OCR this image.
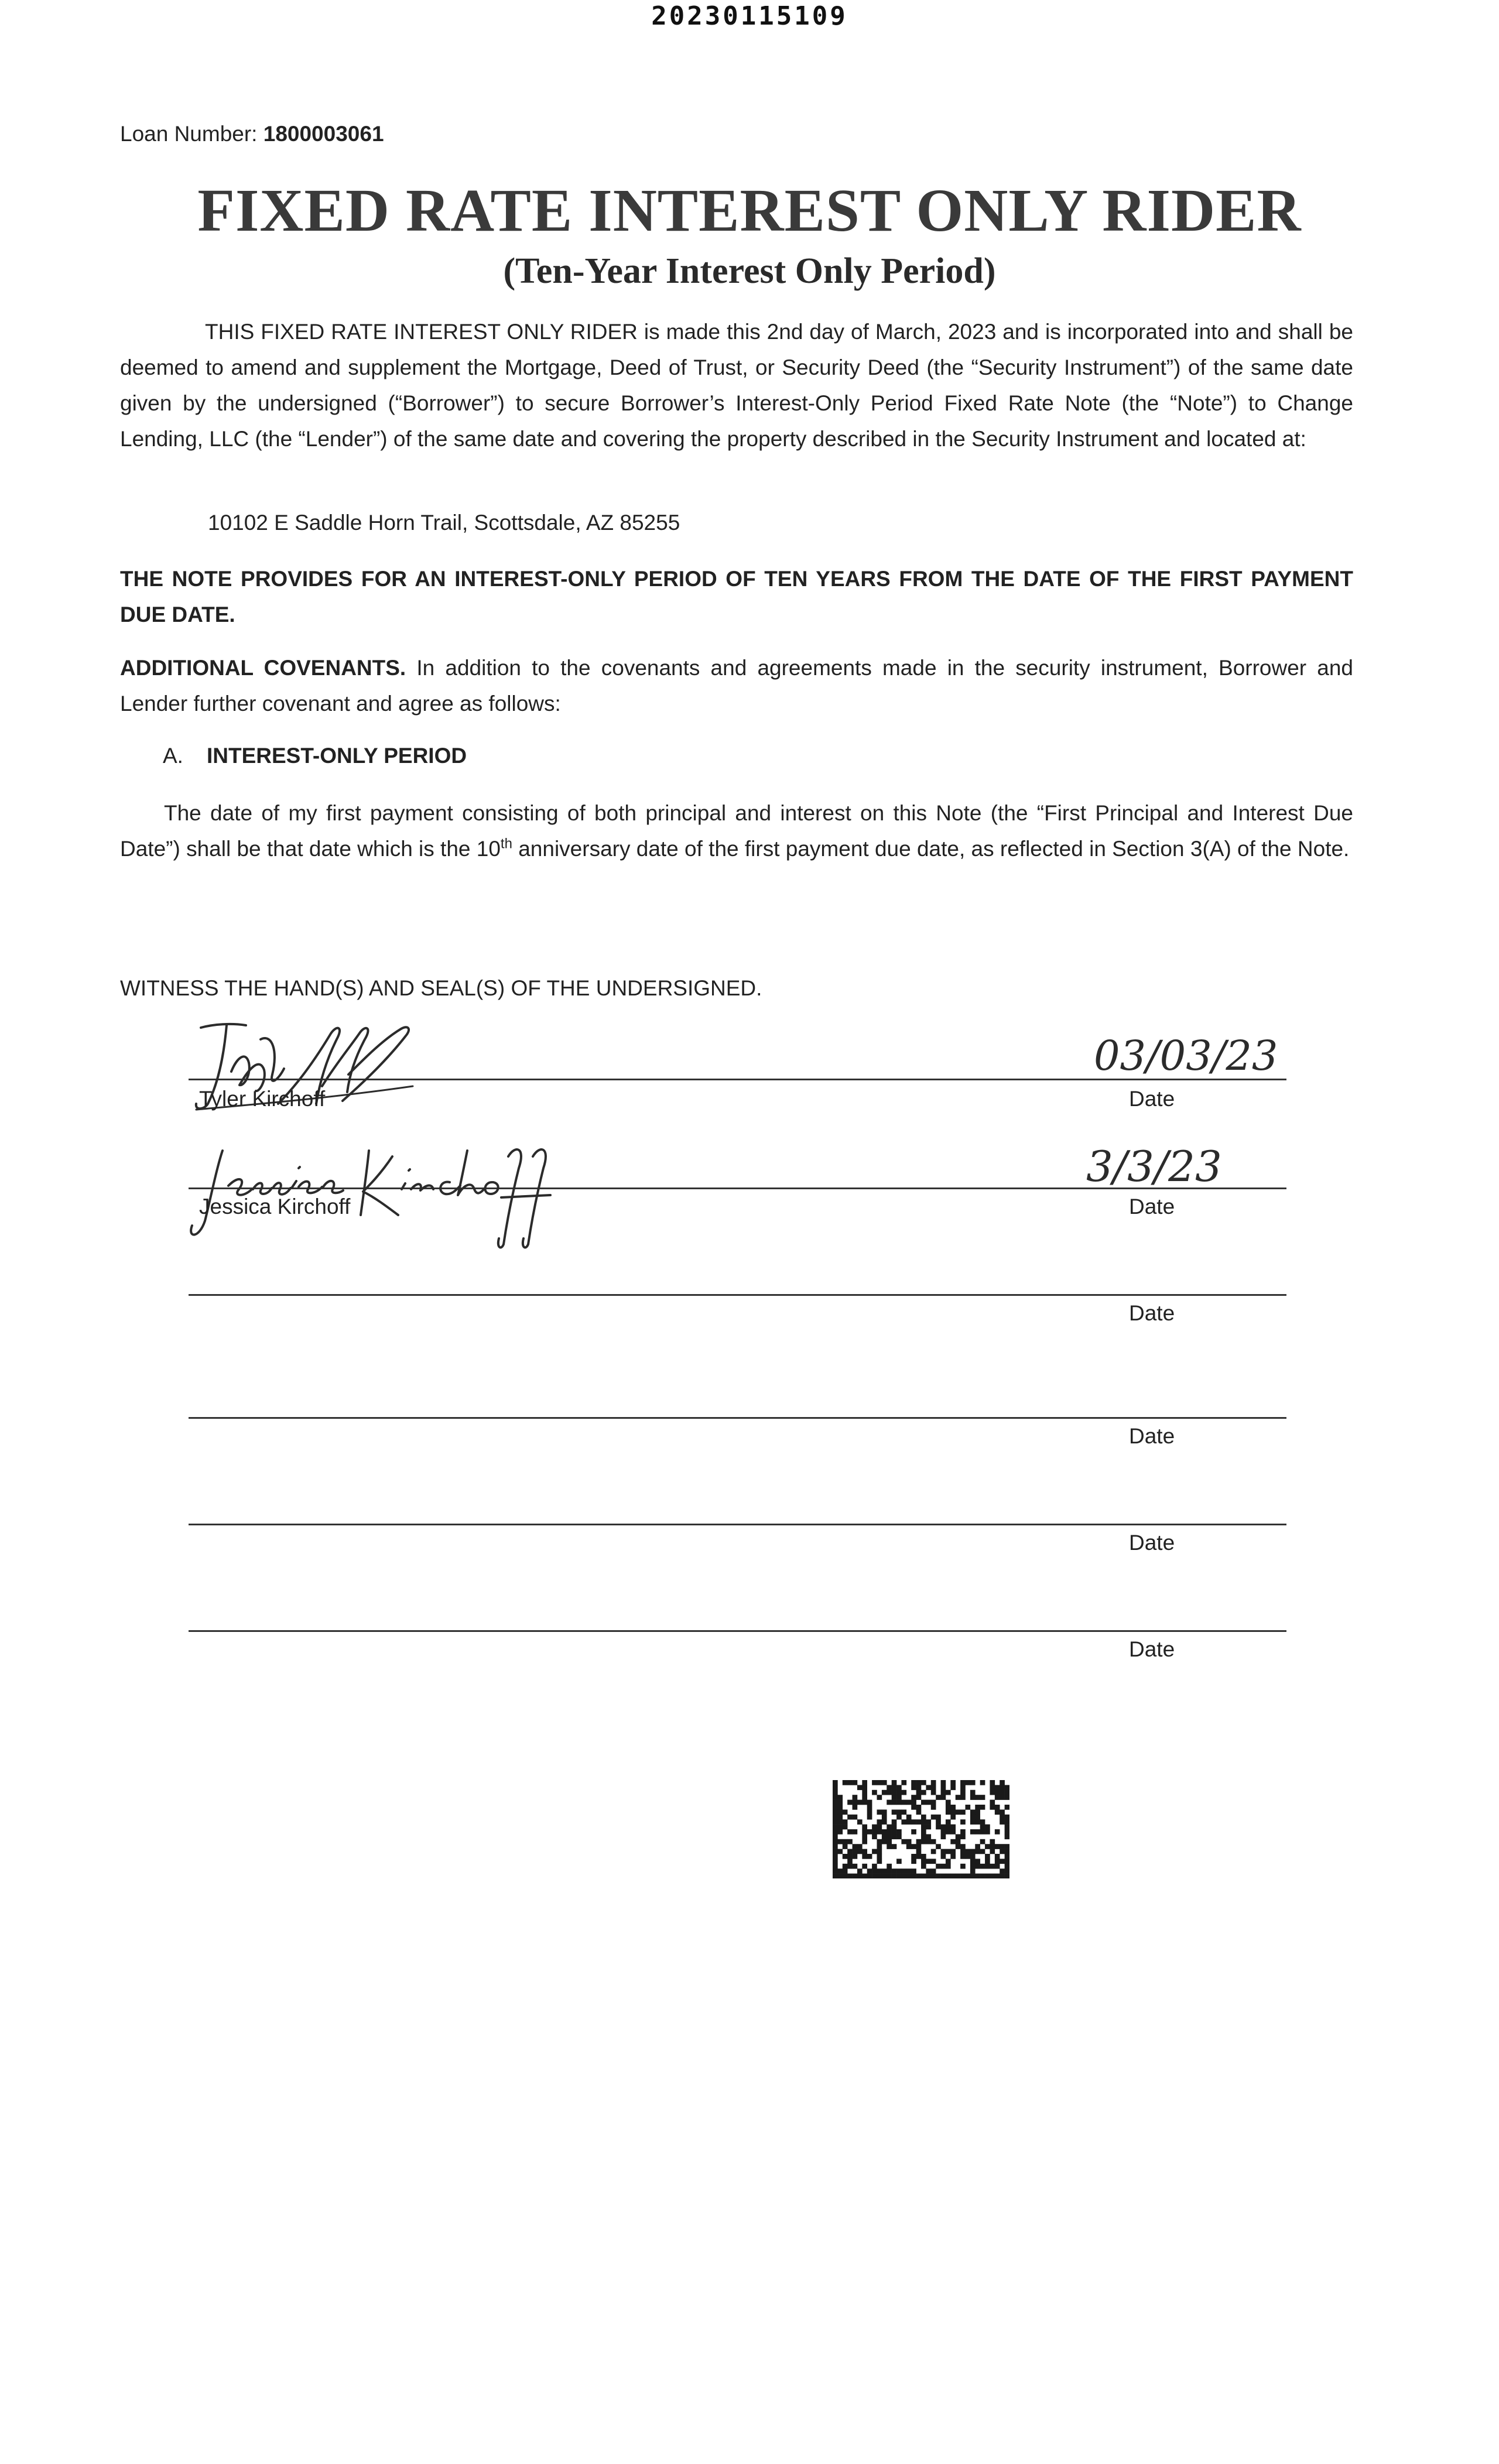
20230115109
Loan Number: 1800003061
FIXED RATE INTEREST ONLY RIDER
(Ten-Year Interest Only Period)
THIS FIXED RATE INTEREST ONLY RIDER is made this 2nd day of March, 2023 and is incorporated into and shall be deemed to amend and supplement the Mortgage, Deed of Trust, or Security Deed (the “Security Instrument”) of the same date given by the undersigned (“Borrower”) to secure Borrower’s Interest-Only Period Fixed Rate Note (the “Note”) to Change Lending, LLC (the “Lender”) of the same date and covering the property described in the Security Instrument and located at:
10102 E Saddle Horn Trail, Scottsdale, AZ 85255
THE NOTE PROVIDES FOR AN INTEREST-ONLY PERIOD OF TEN YEARS FROM THE DATE OF THE FIRST PAYMENT DUE DATE.
ADDITIONAL COVENANTS. In addition to the covenants and agreements made in the security instrument, Borrower and Lender further covenant and agree as follows:
A. INTEREST-ONLY PERIOD
The date of my first payment consisting of both principal and interest on this Note (the “First Principal and Interest Due Date”) shall be that date which is the 10th anniversary date of the first payment due date, as reflected in Section 3(A) of the Note.
WITNESS THE HAND(S) AND SEAL(S) OF THE UNDERSIGNED.
Tyler Kirchoff
03/03/23
Date
Jessica Kirchoff
3/3/23
Date
Date
Date
Date
Date
